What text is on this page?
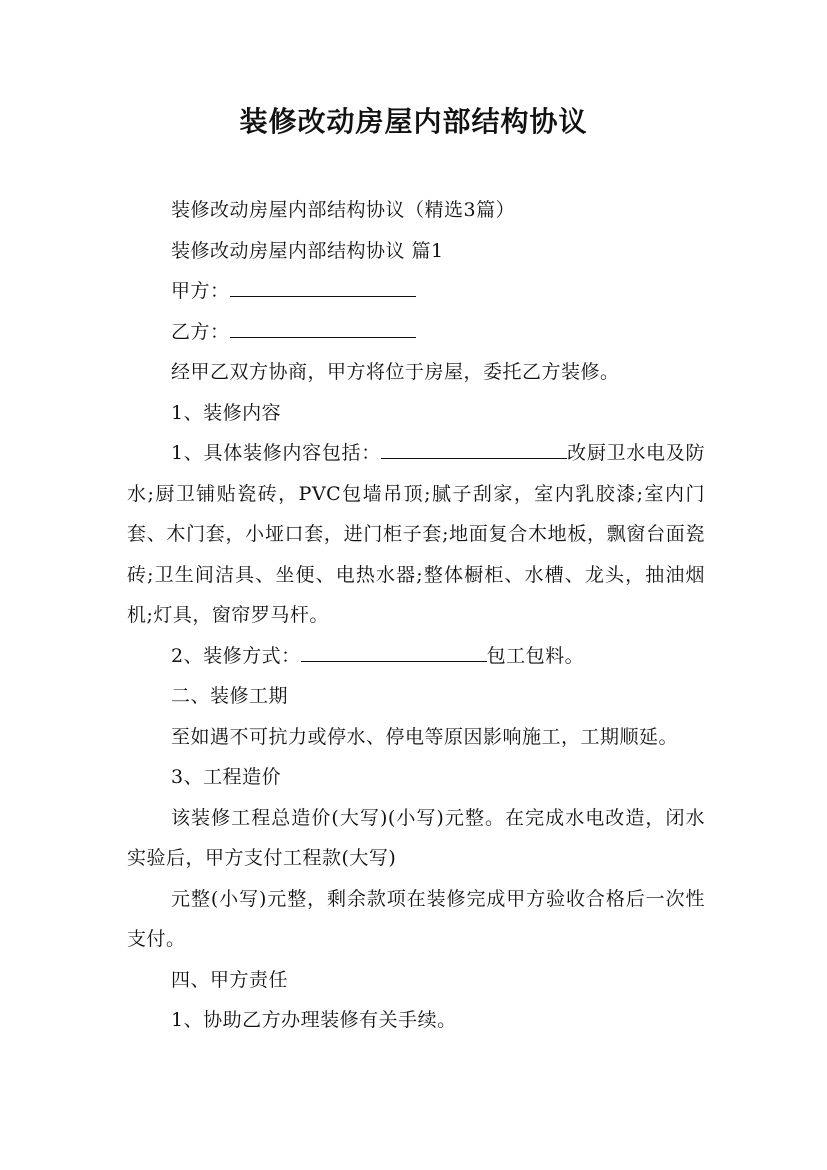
装修改动房屋内部结构协议

装修改动房屋内部结构协议（精选3篇）

装修改动房屋内部结构协议 篇1

甲方：

乙方：

经甲乙双方协商，甲方将位于房屋，委托乙方装修。

1、装修内容

1、具体装修内容包括：	改厨卫水电及防水;厨卫铺贴瓷砖，PVC包墙吊顶;腻子刮家，室内乳胶漆;室内门套、木门套，小垭口套，进门柜子套;地面复合木地板，飘窗台面瓷砖;卫生间洁具、坐便、电热水器;整体橱柜、水槽、龙头，抽油烟机;灯具，窗帘罗马杆。

2、装修方式：	包工包料。

二、装修工期

至如遇不可抗力或停水、停电等原因影响施工，工期顺延。

3、工程造价

该装修工程总造价(大写)(小写)元整。在完成水电改造，闭水实验后，甲方支付工程款(大写)

元整(小写)元整，剩余款项在装修完成甲方验收合格后一次性支付。

四、甲方责任

1、协助乙方办理装修有关手续。
